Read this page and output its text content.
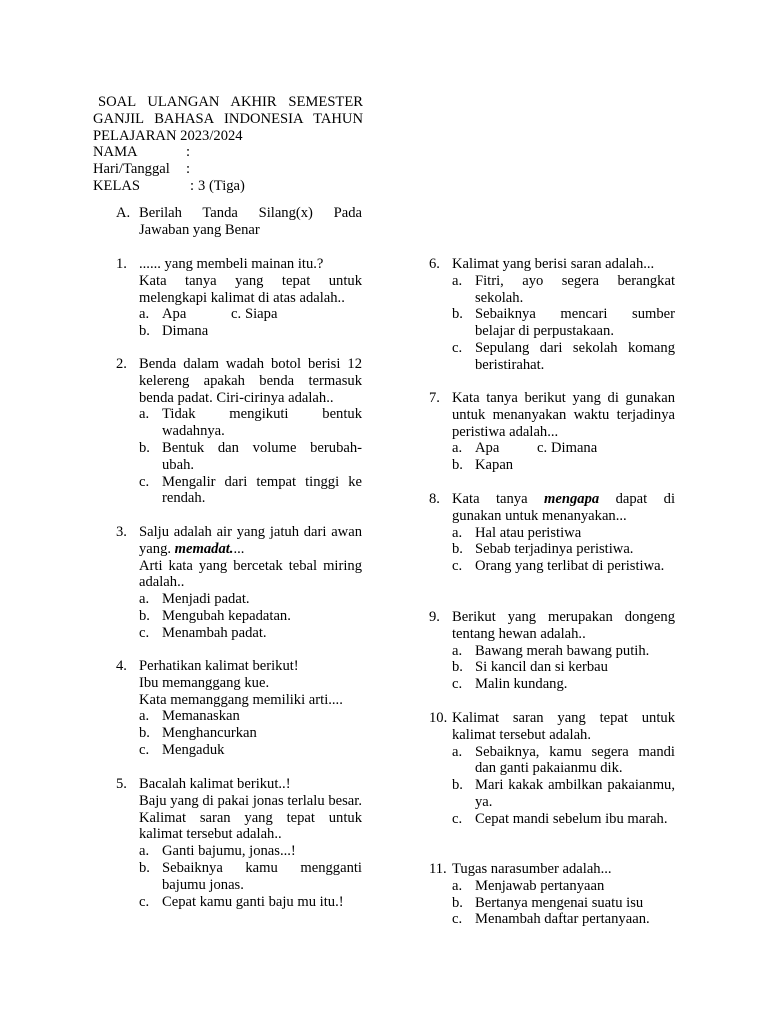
SOAL ULANGAN AKHIR SEMESTER
GANJIL BAHASA INDONESIA TAHUN
PELAJARAN 2023/2024
NAMA	:
Hari/Tanggal :
KELAS	: 3 (Tiga)
A. Berilah Tanda Silang(x) Pada Jawaban yang Benar
1. ...... yang membeli mainan itu.?
Kata tanya yang tepat untuk melengkapi kalimat di atas adalah..
a. Apa	c. Siapa
b. Dimana
2. Benda dalam wadah botol berisi 12 kelereng apakah benda termasuk benda padat. Ciri-cirinya adalah..
a. Tidak mengikuti bentuk wadahnya.
b. Bentuk dan volume berubah-ubah.
c. Mengalir dari tempat tinggi ke rendah.
3. Salju adalah air yang jatuh dari awan yang. memadat....
Arti kata yang bercetak tebal miring adalah..
a. Menjadi padat.
b. Mengubah kepadatan.
c. Menambah padat.
4. Perhatikan kalimat berikut!
Ibu memanggang kue.
Kata memanggang memiliki arti....
a. Memanaskan
b. Menghancurkan
c. Mengaduk
5. Bacalah kalimat berikut..!
Baju yang di pakai jonas terlalu besar. Kalimat saran yang tepat untuk kalimat tersebut adalah..
a. Ganti bajumu, jonas...!
b. Sebaiknya kamu mengganti bajumu jonas.
c. Cepat kamu ganti baju mu itu.!
6. Kalimat yang berisi saran adalah...
a. Fitri, ayo segera berangkat sekolah.
b. Sebaiknya mencari sumber belajar di perpustakaan.
c. Sepulang dari sekolah komang beristirahat.
7. Kata tanya berikut yang di gunakan untuk menanyakan waktu terjadinya peristiwa adalah...
a. Apa	c. Dimana
b. Kapan
8. Kata tanya mengapa dapat di gunakan untuk menanyakan...
a. Hal atau peristiwa
b. Sebab terjadinya peristiwa.
c. Orang yang terlibat di peristiwa.
9. Berikut yang merupakan dongeng tentang hewan adalah..
a. Bawang merah bawang putih.
b. Si kancil dan si kerbau
c. Malin kundang.
10. Kalimat saran yang tepat untuk kalimat tersebut adalah.
a. Sebaiknya, kamu segera mandi dan ganti pakaianmu dik.
b. Mari kakak ambilkan pakaianmu, ya.
c. Cepat mandi sebelum ibu marah.
11. Tugas narasumber adalah...
a. Menjawab pertanyaan
b. Bertanya mengenai suatu isu
c. Menambah daftar pertanyaan.
